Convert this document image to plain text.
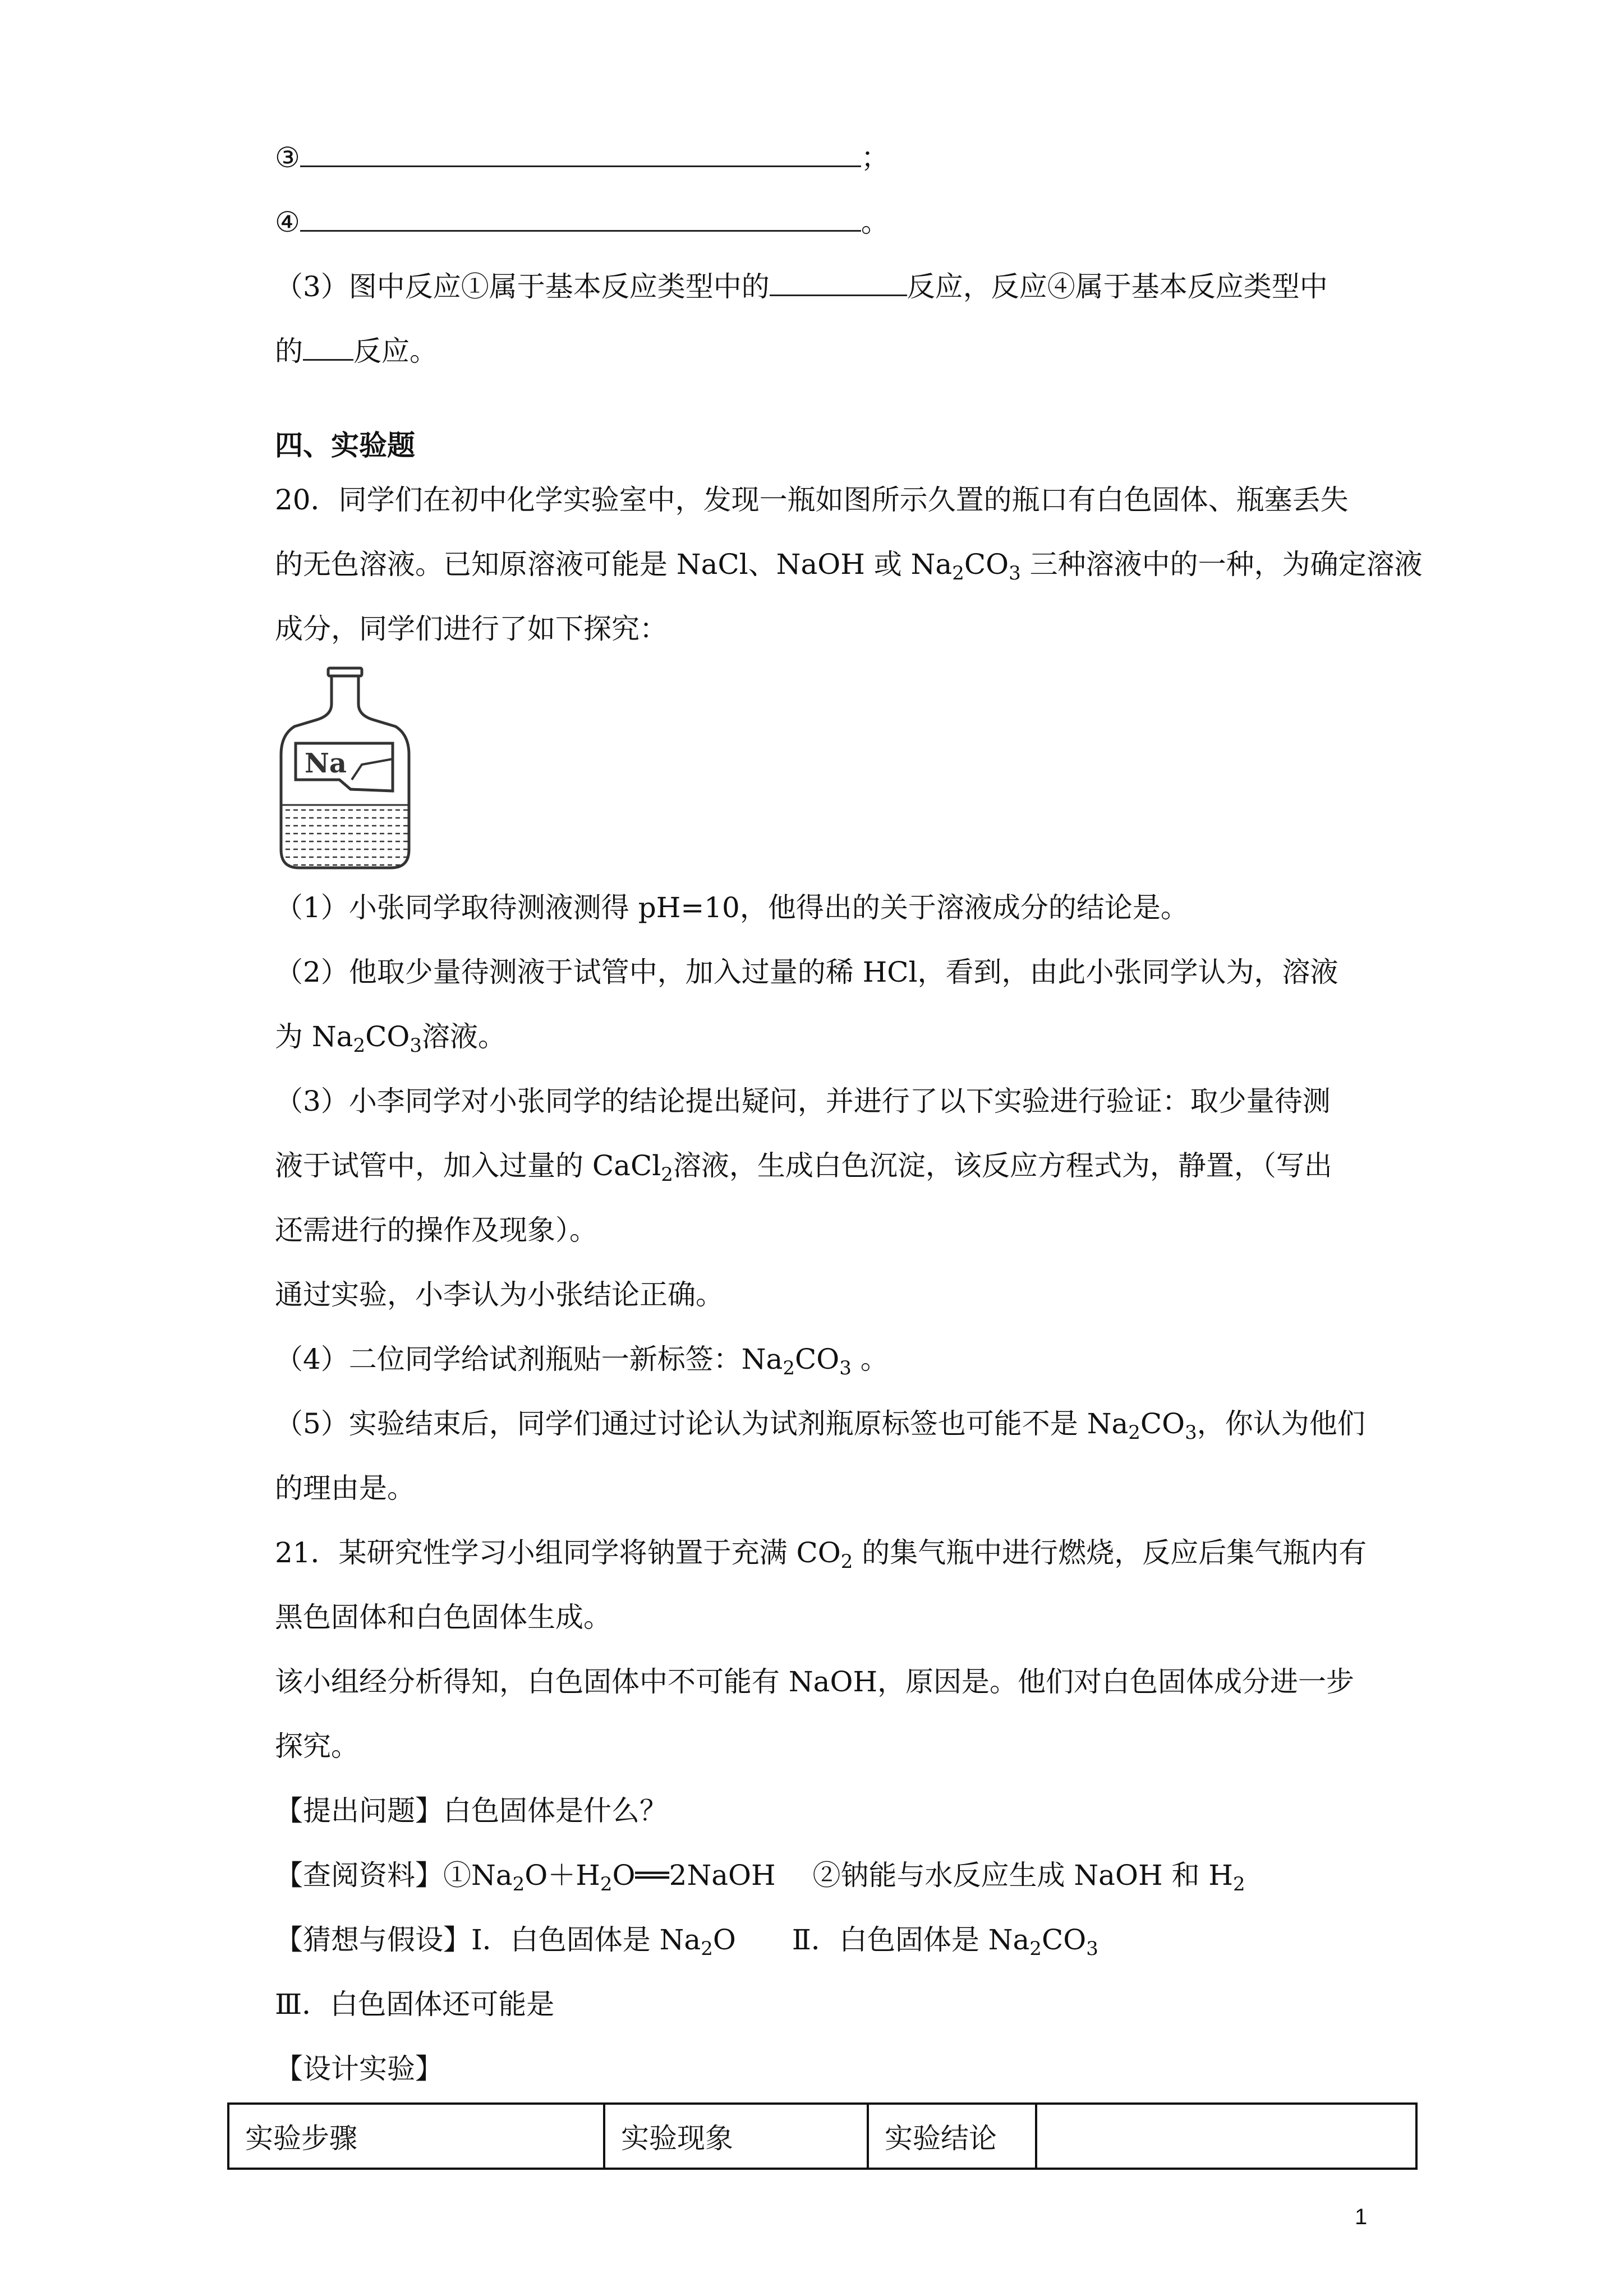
③	；
④	。
（3）图中反应①属于基本反应类型中的	反应，反应④属于基本反应类型中
的 反应。
四、实验题
20．同学们在初中化学实验室中，发现一瓶如图所示久置的瓶口有白色固体、瓶塞丢失
的无色溶液。已知原溶液可能是 NaCl、NaOH 或 $Na_2CO_3$ 三种溶液中的一种，为确定溶液
成分，同学们进行了如下探究：
Na
（1）小张同学取待测液测得 pH=10，他得出的关于溶液成分的结论是。
（2）他取少量待测液于试管中，加入过量的稀 HCl，看到，由此小张同学认为，溶液
为 $Na_2CO_3$溶液。
（3）小李同学对小张同学的结论提出疑问，并进行了以下实验进行验证：取少量待测
液于试管中，加入过量的 CaCl$_2$溶液，生成白色沉淀，该反应方程式为，静置，（写出
还需进行的操作及现象）。
通过实验，小李认为小张结论正确。
（4）二位同学给试剂瓶贴一新标签：$Na_2CO_3$ 。
（5）实验结束后，同学们通过讨论认为试剂瓶原标签也可能不是 $Na_2CO_3$，你认为他们
的理由是。
21．某研究性学习小组同学将钠置于充满 $CO_2$ 的集气瓶中进行燃烧，反应后集气瓶内有
黑色固体和白色固体生成。
该小组经分析得知，白色固体中不可能有 NaOH，原因是。他们对白色固体成分进一步
探究。
【提出问题】白色固体是什么？
【查阅资料】$①Na_2O+H_2O══2NaOH$　 ②钠能与水反应生成 NaOH 和 $H_2$
【猜想与假设】Ⅰ．白色固体是 $Na_2O$　　Ⅱ．白色固体是 $Na_2CO_3$
Ⅲ．白色固体还可能是
【设计实验】
实验步骤	实验现象	实验结论	
1
